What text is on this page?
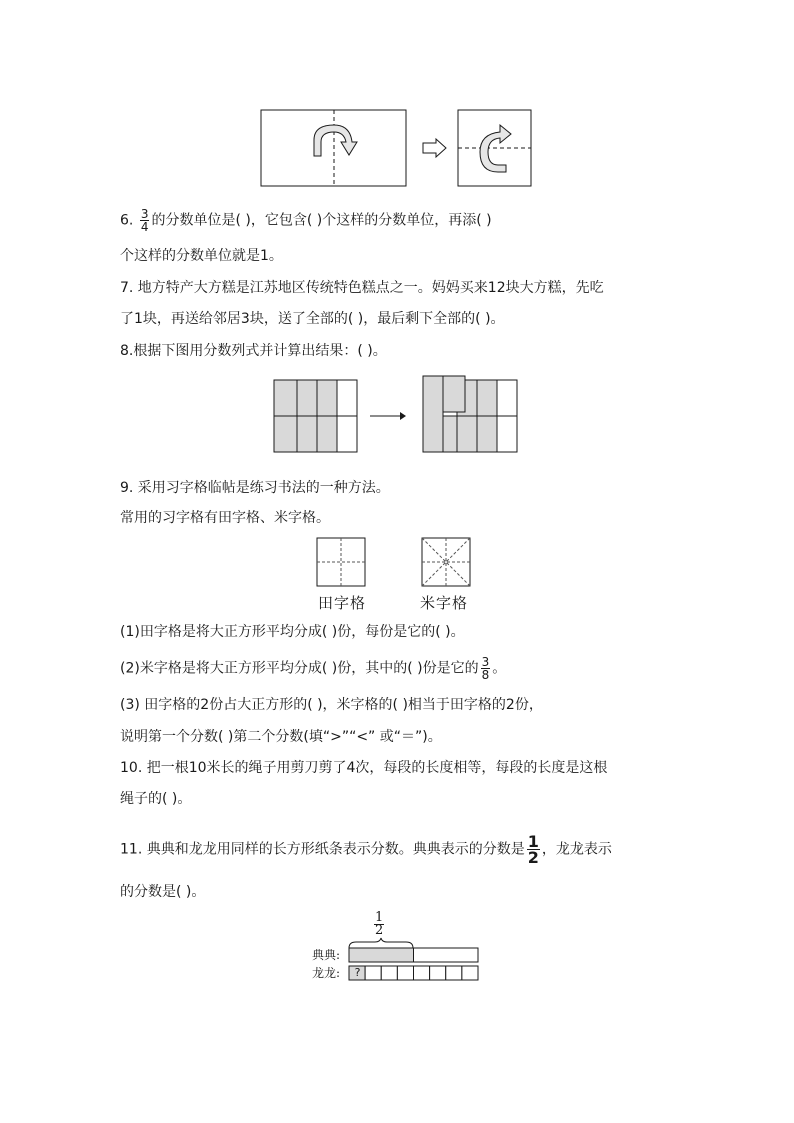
6. $\frac{3}{4}$ 的分数单位是( )，它包含( )个这样的分数单位，再添( )
个这样的分数单位就是1。
7. 地方特产大方糕是江苏地区传统特色糕点之一。妈妈买来12块大方糕，先吃
了1块，再送给邻居3块，送了全部的( )，最后剩下全部的( )。
8.根据下图用分数列式并计算出结果：( )。
9. 采用习字格临帖是练习书法的一种方法。
常用的习字格有田字格、米字格。
田字格	米字格
(1)田字格是将大正方形平均分成( )份，每份是它的( )。
(2)米字格是将大正方形平均分成( )份，其中的( )份是它的 $\frac{3}{8}$ 。
(3) 田字格的2份占大正方形的( )，米字格的( )相当于田字格的2份，
说明第一个分数( )第二个分数(填“>”“<” 或“＝”)。
10. 把一根10米长的绳子用剪刀剪了4次，每段的长度相等，每段的长度是这根
绳子的( )。
11. 典典和龙龙用同样的长方形纸条表示分数。典典表示的分数是 $\frac{1}{2}$ ，龙龙表示
的分数是( )。
$\frac{1}{2}$
典典:
龙龙: ?
